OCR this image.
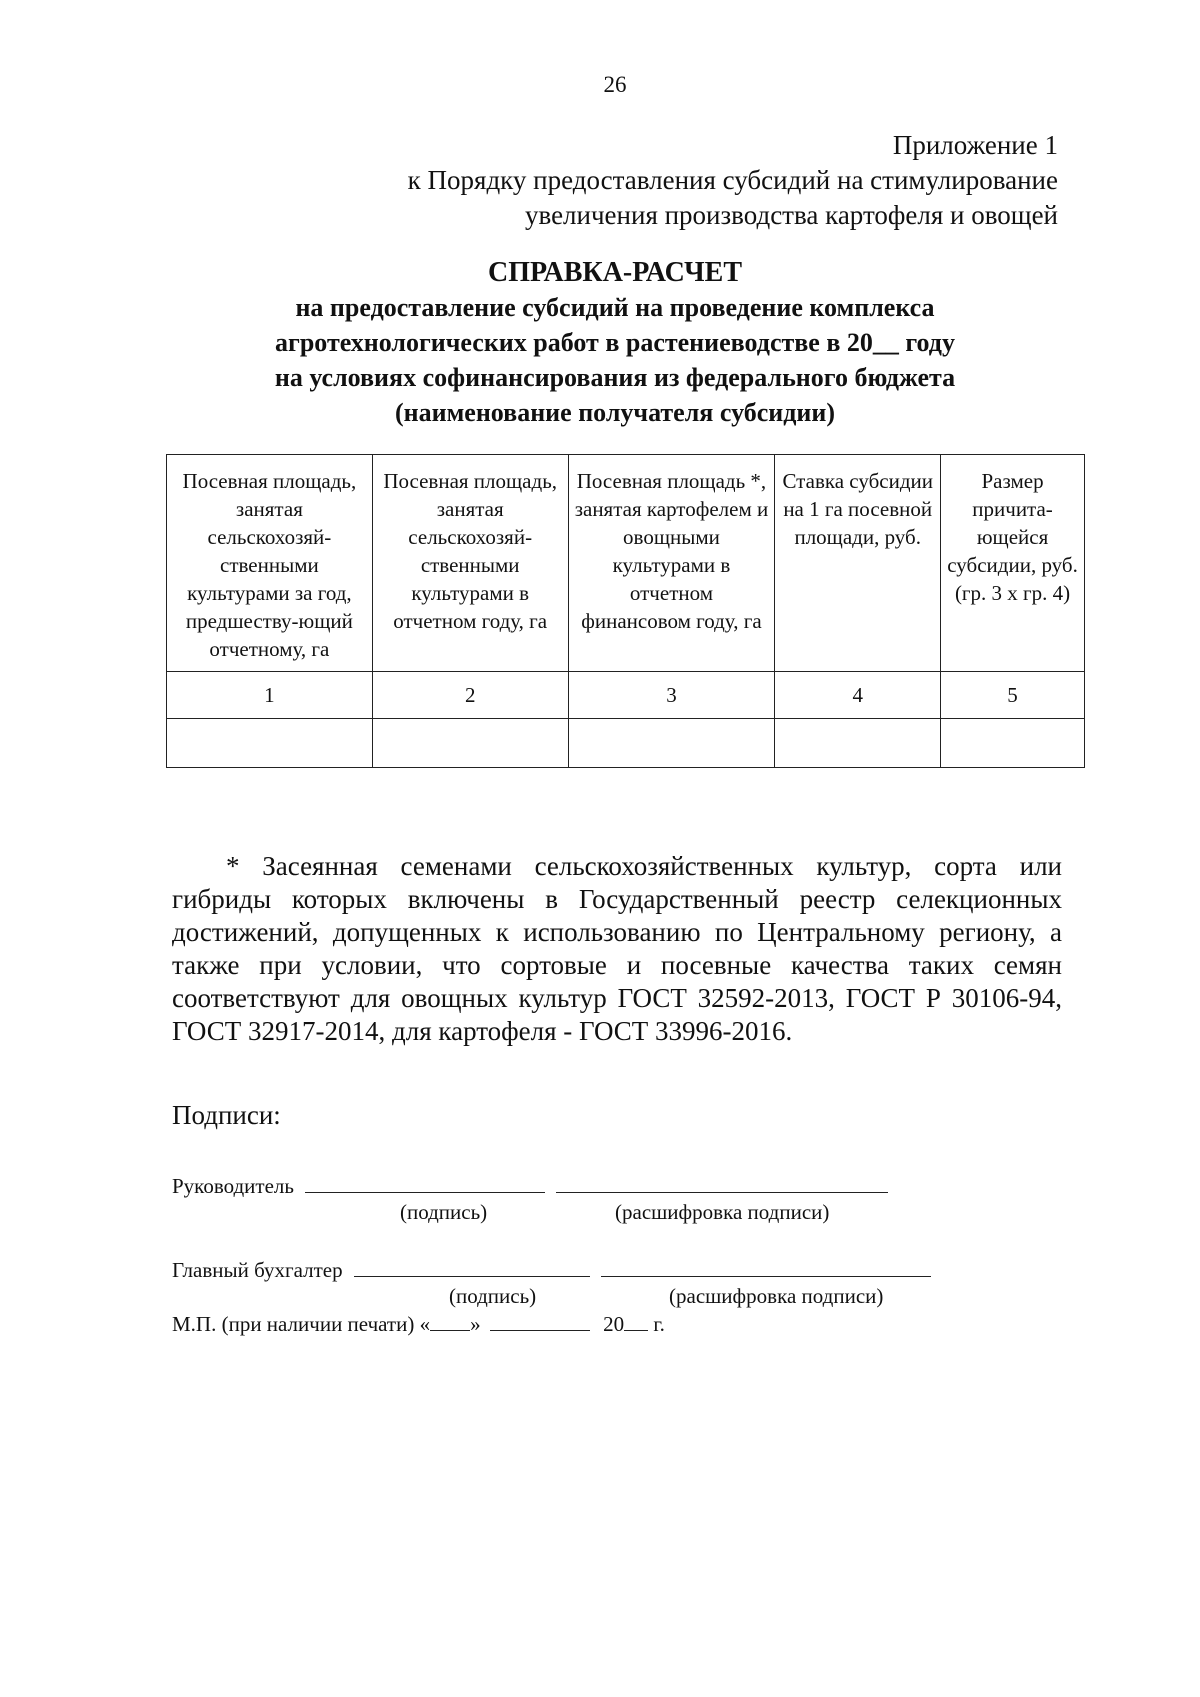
26
Приложение 1
к Порядку предоставления субсидий на стимулирование
увеличения производства картофеля и овощей
СПРАВКА-РАСЧЕТ
на предоставление субсидий на проведение комплекса
агротехнологических работ в растениеводстве в 20__ году
на условиях софинансирования из федерального бюджета
(наименование получателя субсидии)
Посевная площадь, занятая сельскохозяй-ственными культурами за год, предшеству-ющий отчетному, га	Посевная площадь, занятая сельскохозяй-ственными культурами в отчетном году, га	Посевная площадь *, занятая картофелем и овощными культурами в отчетном финансовом году, га	Ставка субсидии на 1 га посевной площади, руб.	Размер причита-ющейся субсидии, руб. (гр. 3 x гр. 4)
1	2	3	4	5

* Засеянная семенами сельскохозяйственных культур, сорта или гибриды которых включены в Государственный реестр селекционных достижений, допущенных к использованию по Центральному региону, а также при условии, что сортовые и посевные качества таких семян соответствуют для овощных культур ГОСТ 32592-2013, ГОСТ Р 30106-94, ГОСТ 32917-2014, для картофеля - ГОСТ 33996-2016.
Подписи:
Руководитель
(подпись)	(расшифровка подписи)
Главный бухгалтер
(подпись)	(расшифровка подписи)
М.П. (при наличии печати) « »	20 г.
